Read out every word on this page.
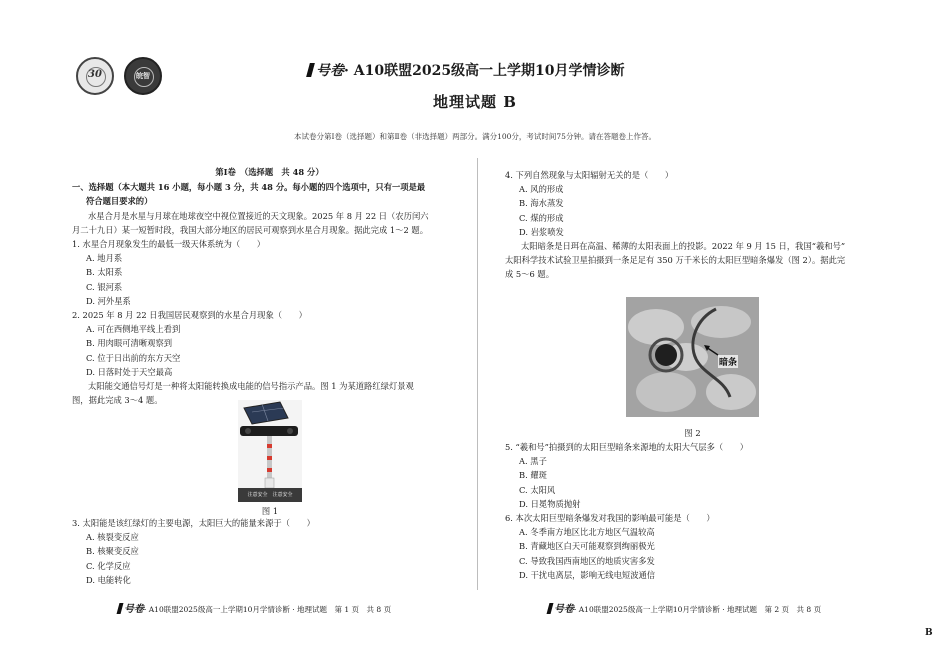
30	皖智	号卷· A10联盟2025级高一上学期10月学情诊断
地理试题 B
本试卷分第Ⅰ卷（选择题）和第Ⅱ卷（非选择题）两部分。满分100分，考试时间75分钟。请在答题卷上作答。

第Ⅰ卷　（选择题　共 48 分）

一、选择题（本大题共 16 小题，每小题 3 分，共 48 分。每小题的四个选项中，只有一项是最

符合题目要求的）

水星合月是水星与月球在地球夜空中视位置接近的天文现象。2025 年 8 月 22 日（农历闰六

月二十九日）某一短暂时段，我国大部分地区的居民可观察到水星合月现象。据此完成 1～2 题。

1. 水星合月现象发生的最低一级天体系统为（　　）

A. 地月系

B. 太阳系

C. 银河系

D. 河外星系

2. 2025 年 8 月 22 日我国居民观察到的水星合月现象（　　）

A. 可在西侧地平线上看到

B. 用肉眼可清晰观察到

C. 位于日出前的东方天空

D. 日落时处于天空最高

太阳能交通信号灯是一种将太阳能转换成电能的信号指示产品。图 1 为某道路红绿灯景观

图，据此完成 3～4 题。

注意安全　注意安全
图 1

3. 太阳能是该红绿灯的主要电源，太阳巨大的能量来源于（　　）

A. 核裂变反应

B. 核聚变反应

C. 化学反应

D. 电能转化

4. 下列自然现象与太阳辐射无关的是（　　）

A. 风的形成

B. 海水蒸发

C. 煤的形成

D. 岩浆喷发

太阳暗条是日珥在高温、稀薄的太阳表面上的投影。2022 年 9 月 15 日，我国“羲和号”

太阳科学技术试验卫星拍摄到一条足足有 350 万千米长的太阳巨型暗条爆发（图 2）。据此完

成 5～6 题。

暗条
图 2

5. “羲和号”拍摄到的太阳巨型暗条来源地的太阳大气层多（　　）

A. 黑子

B. 耀斑

C. 太阳风

D. 日冕物质抛射

6. 本次太阳巨型暗条爆发对我国的影响最可能是（　　）

A. 冬季南方地区比北方地区气温较高

B. 青藏地区白天可能观察到绚丽极光

C. 导致我国西南地区的地质灾害多发

D. 干扰电离层，影响无线电短波通信

号卷· A10联盟2025级高一上学期10月学情诊断 · 地理试题　第 1 页　共 8 页	号卷· A10联盟2025级高一上学期10月学情诊断 · 地理试题　第 2 页　共 8 页
B
